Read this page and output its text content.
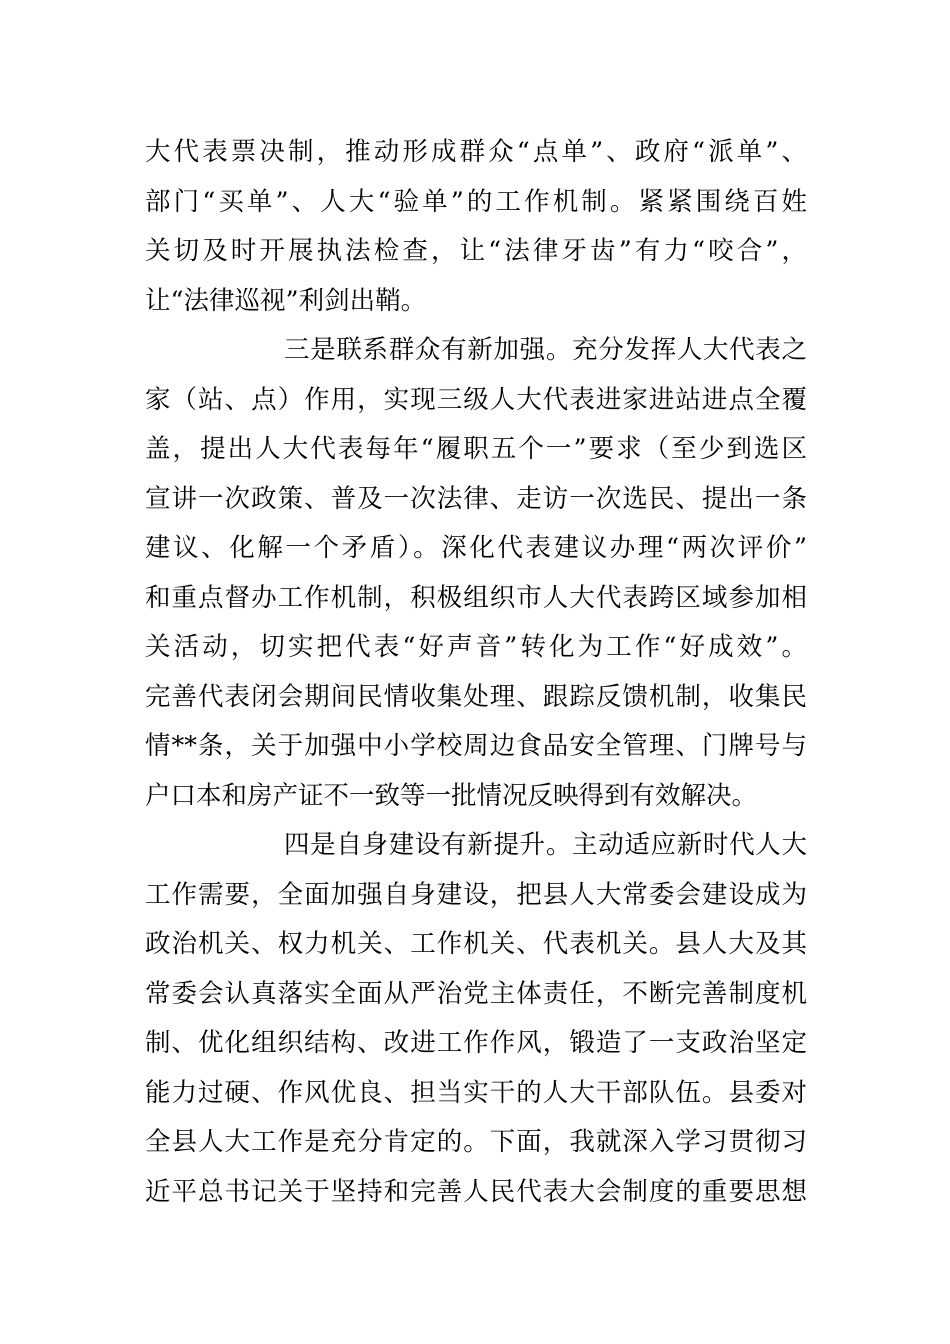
大代表票决制，推动形成群众“点单”、政府“派单”、
部门“买单”、人大“验单”的工作机制。紧紧围绕百姓
关切及时开展执法检查，让“法律牙齿”有力“咬合”，
让“法律巡视”利剑出鞘。
三是联系群众有新加强。充分发挥人大代表之
家（站、点）作用，实现三级人大代表进家进站进点全覆
盖，提出人大代表每年“履职五个一”要求（至少到选区
宣讲一次政策、普及一次法律、走访一次选民、提出一条
建议、化解一个矛盾）。深化代表建议办理“两次评价”
和重点督办工作机制，积极组织市人大代表跨区域参加相
关活动，切实把代表“好声音”转化为工作“好成效”。
完善代表闭会期间民情收集处理、跟踪反馈机制，收集民
情**条，关于加强中小学校周边食品安全管理、门牌号与
户口本和房产证不一致等一批情况反映得到有效解决。
四是自身建设有新提升。主动适应新时代人大
工作需要，全面加强自身建设，把县人大常委会建设成为
政治机关、权力机关、工作机关、代表机关。县人大及其
常委会认真落实全面从严治党主体责任，不断完善制度机
制、优化组织结构、改进工作作风，锻造了一支政治坚定
能力过硬、作风优良、担当实干的人大干部队伍。县委对
全县人大工作是充分肯定的。下面，我就深入学习贯彻习
近平总书记关于坚持和完善人民代表大会制度的重要思想
